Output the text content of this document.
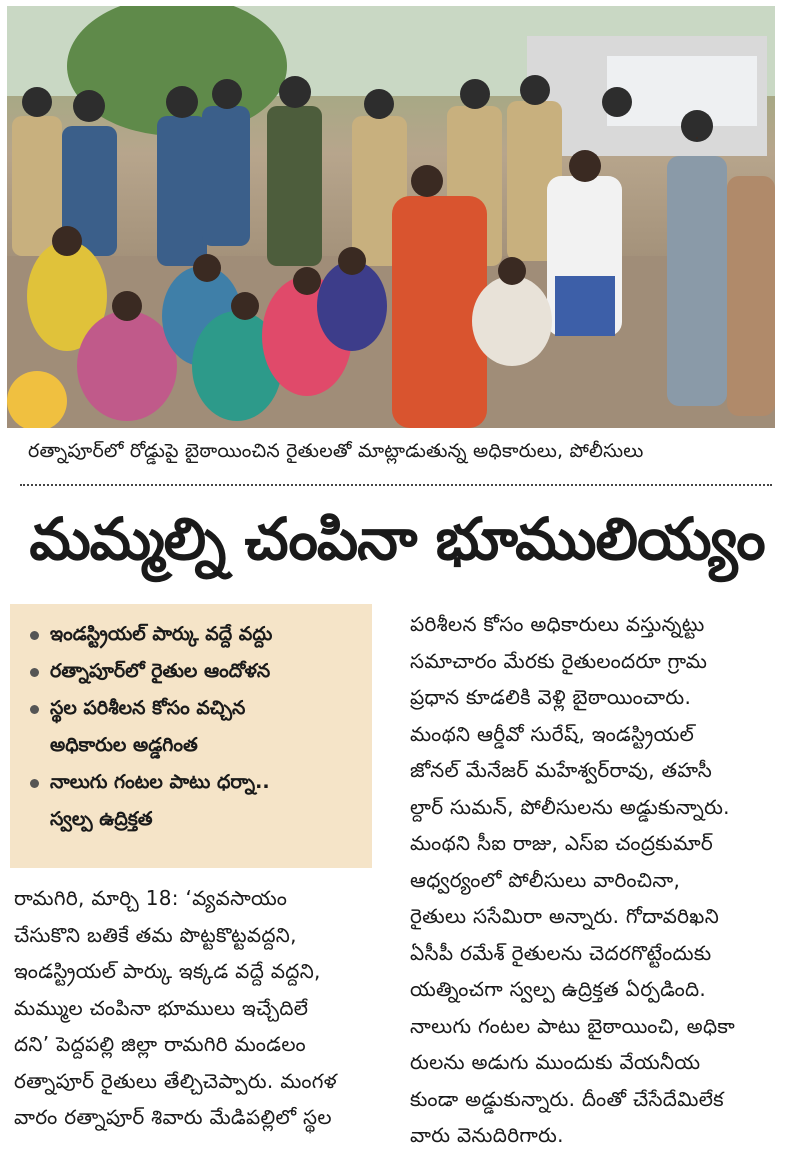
రత్నాపూర్‌లో రోడ్డుపై బైఠాయించిన రైతులతో మాట్లాడుతున్న అధికారులు, పోలీసులు
మమ్మల్ని చంపినా భూములియ్యం
ఇండస్ట్రియల్ పార్కు వద్దే వద్దు
రత్నాపూర్‌లో రైతుల ఆందోళన
స్థల పరిశీలన కోసం వచ్చిన
అధికారుల అడ్డగింత
నాలుగు గంటల పాటు ధర్నా..
స్వల్ప ఉద్రిక్తత
రామగిరి, మార్చి 18: ‘వ్యవసాయం
చేసుకొని బతికే తమ పొట్టకొట్టవద్దని,
ఇండస్ట్రియల్ పార్కు ఇక్కడ వద్దే వద్దని,
మమ్ముల చంపినా భూములు ఇచ్చేదిలే
దని’ పెద్దపల్లి జిల్లా రామగిరి మండలం
రత్నాపూర్ రైతులు తేల్చిచెప్పారు. మంగళ
వారం రత్నాపూర్ శివారు మేడిపల్లిలో స్థల
పరిశీలన కోసం అధికారులు వస్తున్నట్టు
సమాచారం మేరకు రైతులందరూ గ్రామ
ప్రధాన కూడలికి వెళ్లి బైఠాయించారు.
మంథని ఆర్డీవో సురేష్, ఇండస్ట్రియల్
జోనల్ మేనేజర్ మహేశ్వర్‌రావు, తహసీ
ల్దార్ సుమన్, పోలీసులను అడ్డుకున్నారు.
మంథని సీఐ రాజు, ఎస్ఐ చంద్రకుమార్
ఆధ్వర్యంలో పోలీసులు వారించినా,
రైతులు ససేమిరా అన్నారు. గోదావరిఖని
ఏసీపీ రమేశ్ రైతులను చెదరగొట్టేందుకు
యత్నించగా స్వల్ప ఉద్రిక్తత ఏర్పడింది.
నాలుగు గంటల పాటు బైఠాయించి, అధికా
రులను అడుగు ముందుకు వేయనీయ
కుండా అడ్డుకున్నారు. దీంతో చేసేదేమిలేక
వారు వెనుదిరిగారు.
